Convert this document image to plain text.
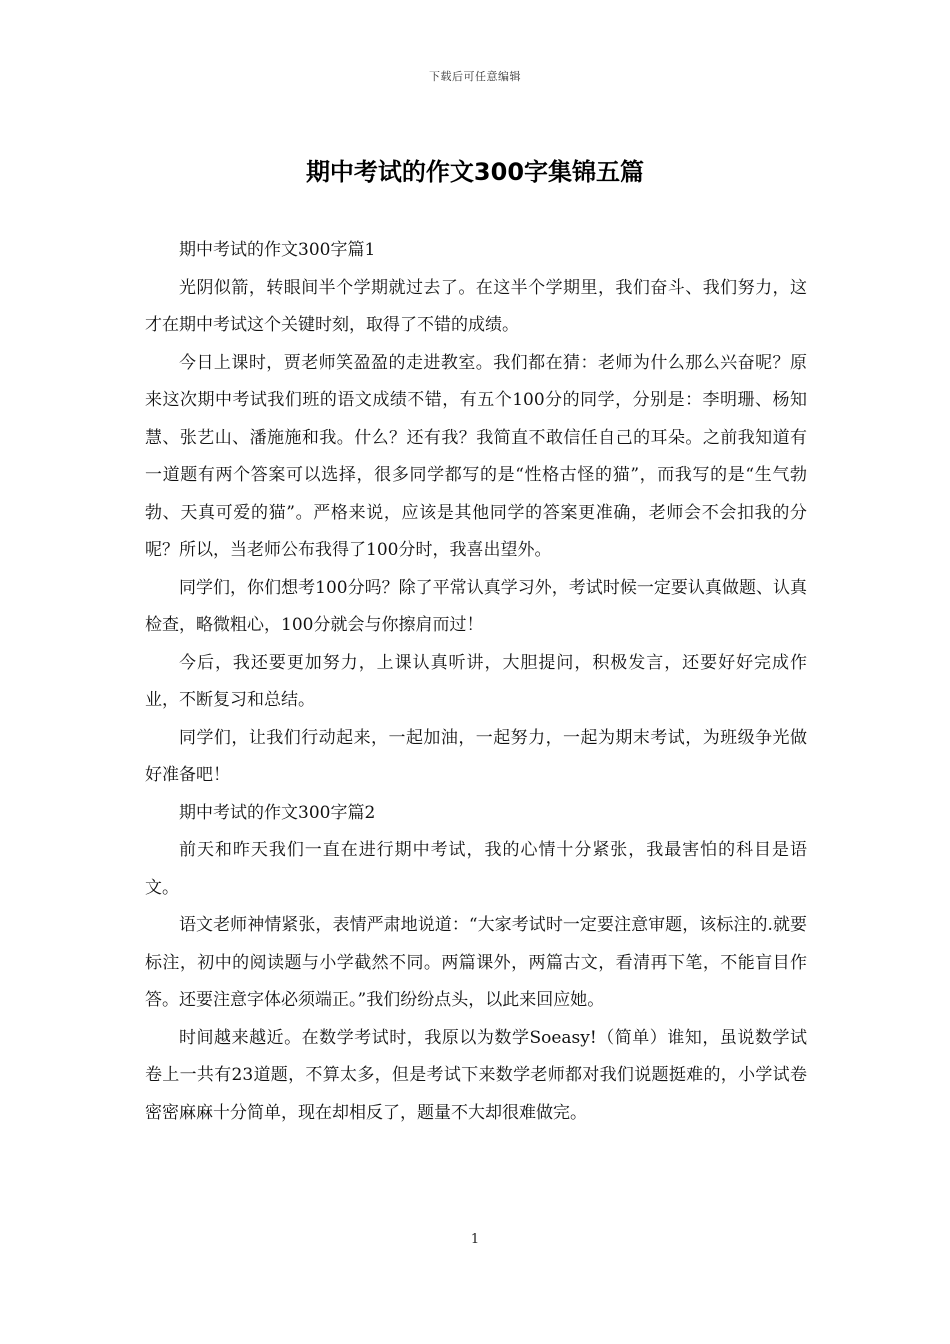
下载后可任意编辑
期中考试的作文300字集锦五篇

期中考试的作文300字篇1

光阴似箭，转眼间半个学期就过去了。在这半个学期里，我们奋斗、我们努力，这才在期中考试这个关键时刻，取得了不错的成绩。

今日上课时，贾老师笑盈盈的走进教室。我们都在猜：老师为什么那么兴奋呢？原来这次期中考试我们班的语文成绩不错，有五个100分的同学，分别是：李明珊、杨知慧、张艺山、潘施施和我。什么？还有我？我简直不敢信任自己的耳朵。之前我知道有一道题有两个答案可以选择，很多同学都写的是“性格古怪的猫”，而我写的是“生气勃勃、天真可爱的猫”。严格来说，应该是其他同学的答案更准确，老师会不会扣我的分呢？所以，当老师公布我得了100分时，我喜出望外。

同学们，你们想考100分吗？除了平常认真学习外，考试时候一定要认真做题、认真检查，略微粗心，100分就会与你擦肩而过！

今后，我还要更加努力，上课认真听讲，大胆提问，积极发言，还要好好完成作业，不断复习和总结。

同学们，让我们行动起来，一起加油，一起努力，一起为期末考试，为班级争光做好准备吧！

期中考试的作文300字篇2

前天和昨天我们一直在进行期中考试，我的心情十分紧张，我最害怕的科目是语文。

语文老师神情紧张，表情严肃地说道：“大家考试时一定要注意审题，该标注的.就要标注，初中的阅读题与小学截然不同。两篇课外，两篇古文，看清再下笔，不能盲目作答。还要注意字体必须端正。”我们纷纷点头，以此来回应她。

时间越来越近。在数学考试时，我原以为数学Soeasy!（简单）谁知，虽说数学试卷上一共有23道题，不算太多，但是考试下来数学老师都对我们说题挺难的，小学试卷密密麻麻十分简单，现在却相反了，题量不大却很难做完。

1
